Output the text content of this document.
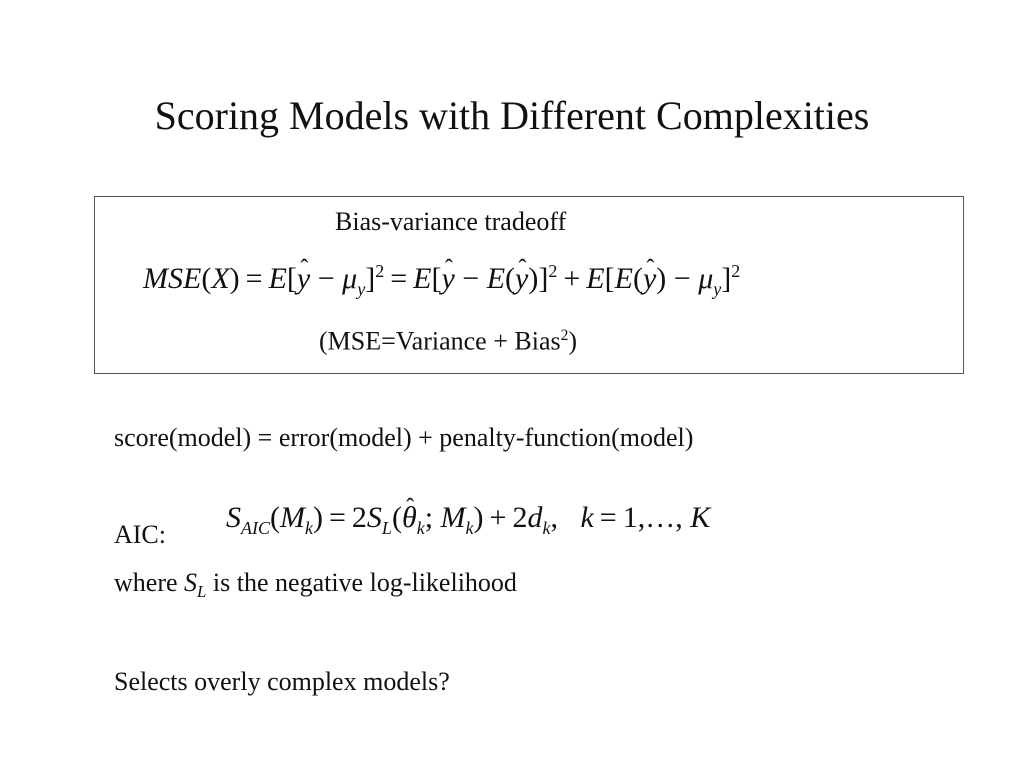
Scoring Models with Different Complexities
Bias-variance tradeoff
MSE(X) = E[ˆ $y - \mu_y]^2$ = E[ˆ y − E(ˆ y)]$^2$ + E[E(ˆ $y) - \mu_y]^2$
(MSE=Variance + Bias$^2$)
score(model) = error(model) + penalty-function(model)
AIC:
$S_{AIC}(M_k)$ = $2S_L(ˆ$ $\theta_k$; $M_k) + 2d_k$,   k = 1,…, K
where $S_L$ is the negative log-likelihood
Selects overly complex models?
